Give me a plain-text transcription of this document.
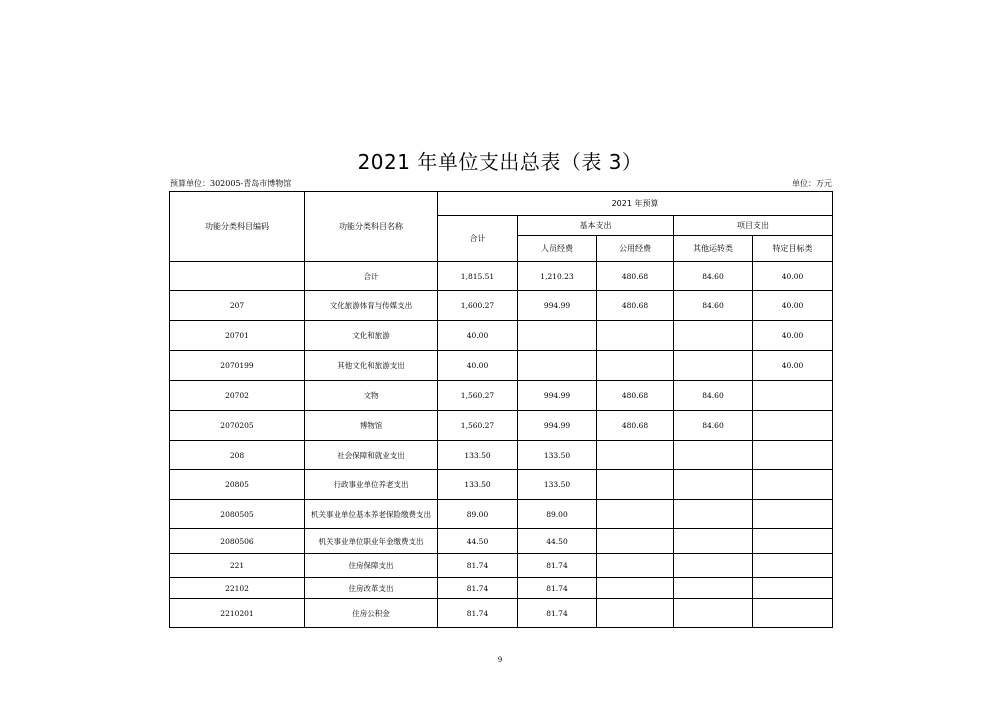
2021 年单位支出总表（表 3）
预算单位：302005-青岛市博物馆	单位：万元
功能分类科目编码	功能分类科目名称	2021 年预算				
		合计	基本支出		项目支出	
			人员经费	公用经费	其他运转类	特定目标类
	合计	1,815.51	1,210.23	480.68	84.60	40.00
207	文化旅游体育与传媒支出	1,600.27	994.99	480.68	84.60	40.00
20701	文化和旅游	40.00				40.00
2070199	其他文化和旅游支出	40.00				40.00
20702	文物	1,560.27	994.99	480.68	84.60	
2070205	博物馆	1,560.27	994.99	480.68	84.60	
208	社会保障和就业支出	133.50	133.50			
20805	行政事业单位养老支出	133.50	133.50			
2080505	机关事业单位基本养老保险缴费支出	89.00	89.00			
2080506	机关事业单位职业年金缴费支出	44.50	44.50			
221	住房保障支出	81.74	81.74			
22102	住房改革支出	81.74	81.74			
2210201	住房公积金	81.74	81.74			
9
